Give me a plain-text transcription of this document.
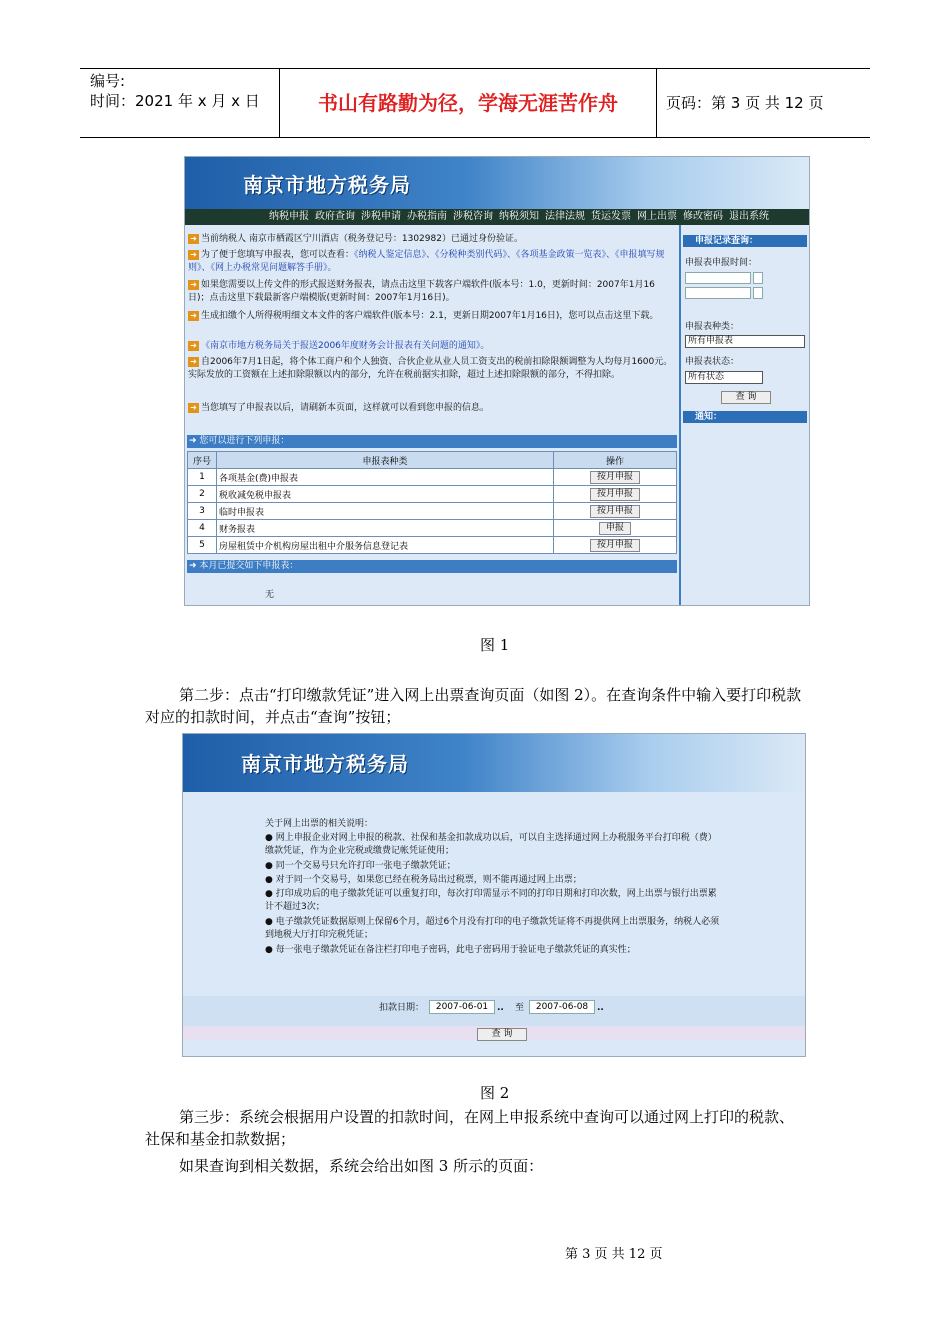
编号:
时间：2021 年 x 月 x 日	书山有路勤为径，学海无涯苦作舟	页码：第 3 页 共 12 页
南京市地方税务局
纳税申报 政府查询 涉税申请 办税指南 涉税咨询 纳税须知 法律法规 货运发票 网上出票 修改密码 退出系统
➜ 当前纳税人 南京市栖霞区宁川酒店（税务登记号：1302982）已通过身份验证。
➜ 为了便于您填写申报表，您可以查看：《纳税人鉴定信息》、《分税种类别代码》、《各项基金政策一览表》、《申报填写规则》、《网上办税常见问题解答手册》。
➜ 如果您需要以上传文件的形式报送财务报表，请点击这里下载客户端软件(版本号：1.0，更新时间：2007年1月16日)；点击这里下载最新客户端模版(更新时间：2007年1月16日)。
➜ 生成扣缴个人所得税明细文本文件的客户端软件(版本号：2.1，更新日期2007年1月16日)，您可以点击这里下载。
➜ 《南京市地方税务局关于报送2006年度财务会计报表有关问题的通知》。
➜ 自2006年7月1日起，将个体工商户和个人独资、合伙企业从业人员工资支出的税前扣除限额调整为人均每月1600元。实际发放的工资额在上述扣除限额以内的部分，允许在税前据实扣除，超过上述扣除限额的部分，不得扣除。
➜ 当您填写了申报表以后，请刷新本页面，这样就可以看到您申报的信息。
➜ 您可以进行下列申报：
序号	申报表种类	操作
1	各项基金(费)申报表	按月申报
2	税收减免税申报表	按月申报
3	临时申报表	按月申报
4	财务报表	申报
5	房屋租赁中介机构房屋出租中介服务信息登记表	按月申报
➜ 本月已提交如下申报表：
无
申报记录查询：
申报表申报时间：
申报表种类：
所有申报表
申报表状态：
所有状态
查 询
通知：
图 1
第二步：点击“打印缴款凭证”进入网上出票查询页面（如图 2）。在查询条件中输入要打印税款对应的扣款时间，并点击“查询”按钮；
南京市地方税务局
关于网上出票的相关说明：
● 网上申报企业对网上申报的税款、社保和基金扣款成功以后，可以自主选择通过网上办税服务平台打印税（费）缴款凭证，作为企业完税或缴费记帐凭证使用；
● 同一个交易号只允许打印一张电子缴款凭证；
● 对于同一个交易号，如果您已经在税务局出过税票，则不能再通过网上出票；
● 打印成功后的电子缴款凭证可以重复打印，每次打印需显示不同的打印日期和打印次数，网上出票与银行出票累计不超过3次；
● 电子缴款凭证数据原则上保留6个月，超过6个月没有打印的电子缴款凭证将不再提供网上出票服务，纳税人必须到地税大厅打印完税凭证；
● 每一张电子缴款凭证在备注栏打印电子密码，此电子密码用于验证电子缴款凭证的真实性；
扣款日期：	2007-06-01 .. 至	2007-06-08 ..
查 询
图 2
第三步：系统会根据用户设置的扣款时间，在网上申报系统中查询可以通过网上打印的税款、社保和基金扣款数据；
如果查询到相关数据，系统会给出如图 3 所示的页面：
第 3 页 共 12 页
